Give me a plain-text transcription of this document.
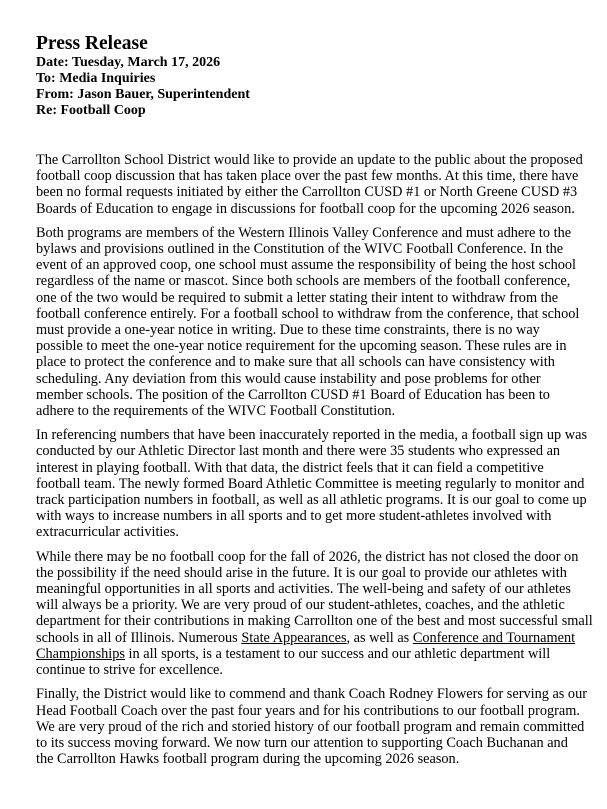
Press Release
Date: Tuesday, March 17, 2026
To: Media Inquiries
From: Jason Bauer, Superintendent
Re: Football Coop

The Carrollton School District would like to provide an update to the public about the proposed
football coop discussion that has taken place over the past few months. At this time, there have
been no formal requests initiated by either the Carrollton CUSD #1 or North Greene CUSD #3
Boards of Education to engage in discussions for football coop for the upcoming 2026 season.

Both programs are members of the Western Illinois Valley Conference and must adhere to the
bylaws and provisions outlined in the Constitution of the WIVC Football Conference. In the
event of an approved coop, one school must assume the responsibility of being the host school
regardless of the name or mascot. Since both schools are members of the football conference,
one of the two would be required to submit a letter stating their intent to withdraw from the
football conference entirely. For a football school to withdraw from the conference, that school
must provide a one-year notice in writing. Due to these time constraints, there is no way
possible to meet the one-year notice requirement for the upcoming season. These rules are in
place to protect the conference and to make sure that all schools can have consistency with
scheduling. Any deviation from this would cause instability and pose problems for other
member schools. The position of the Carrollton CUSD #1 Board of Education has been to
adhere to the requirements of the WIVC Football Constitution.

In referencing numbers that have been inaccurately reported in the media, a football sign up was
conducted by our Athletic Director last month and there were 35 students who expressed an
interest in playing football. With that data, the district feels that it can field a competitive
football team. The newly formed Board Athletic Committee is meeting regularly to monitor and
track participation numbers in football, as well as all athletic programs. It is our goal to come up
with ways to increase numbers in all sports and to get more student-athletes involved with
extracurricular activities.

While there may be no football coop for the fall of 2026, the district has not closed the door on
the possibility if the need should arise in the future. It is our goal to provide our athletes with
meaningful opportunities in all sports and activities. The well-being and safety of our athletes
will always be a priority. We are very proud of our student-athletes, coaches, and the athletic
department for their contributions in making Carrollton one of the best and most successful small
schools in all of Illinois. Numerous State Appearances, as well as Conference and Tournament
Championships in all sports, is a testament to our success and our athletic department will
continue to strive for excellence.

Finally, the District would like to commend and thank Coach Rodney Flowers for serving as our
Head Football Coach over the past four years and for his contributions to our football program.
We are very proud of the rich and storied history of our football program and remain committed
to its success moving forward. We now turn our attention to supporting Coach Buchanan and
the Carrollton Hawks football program during the upcoming 2026 season.
